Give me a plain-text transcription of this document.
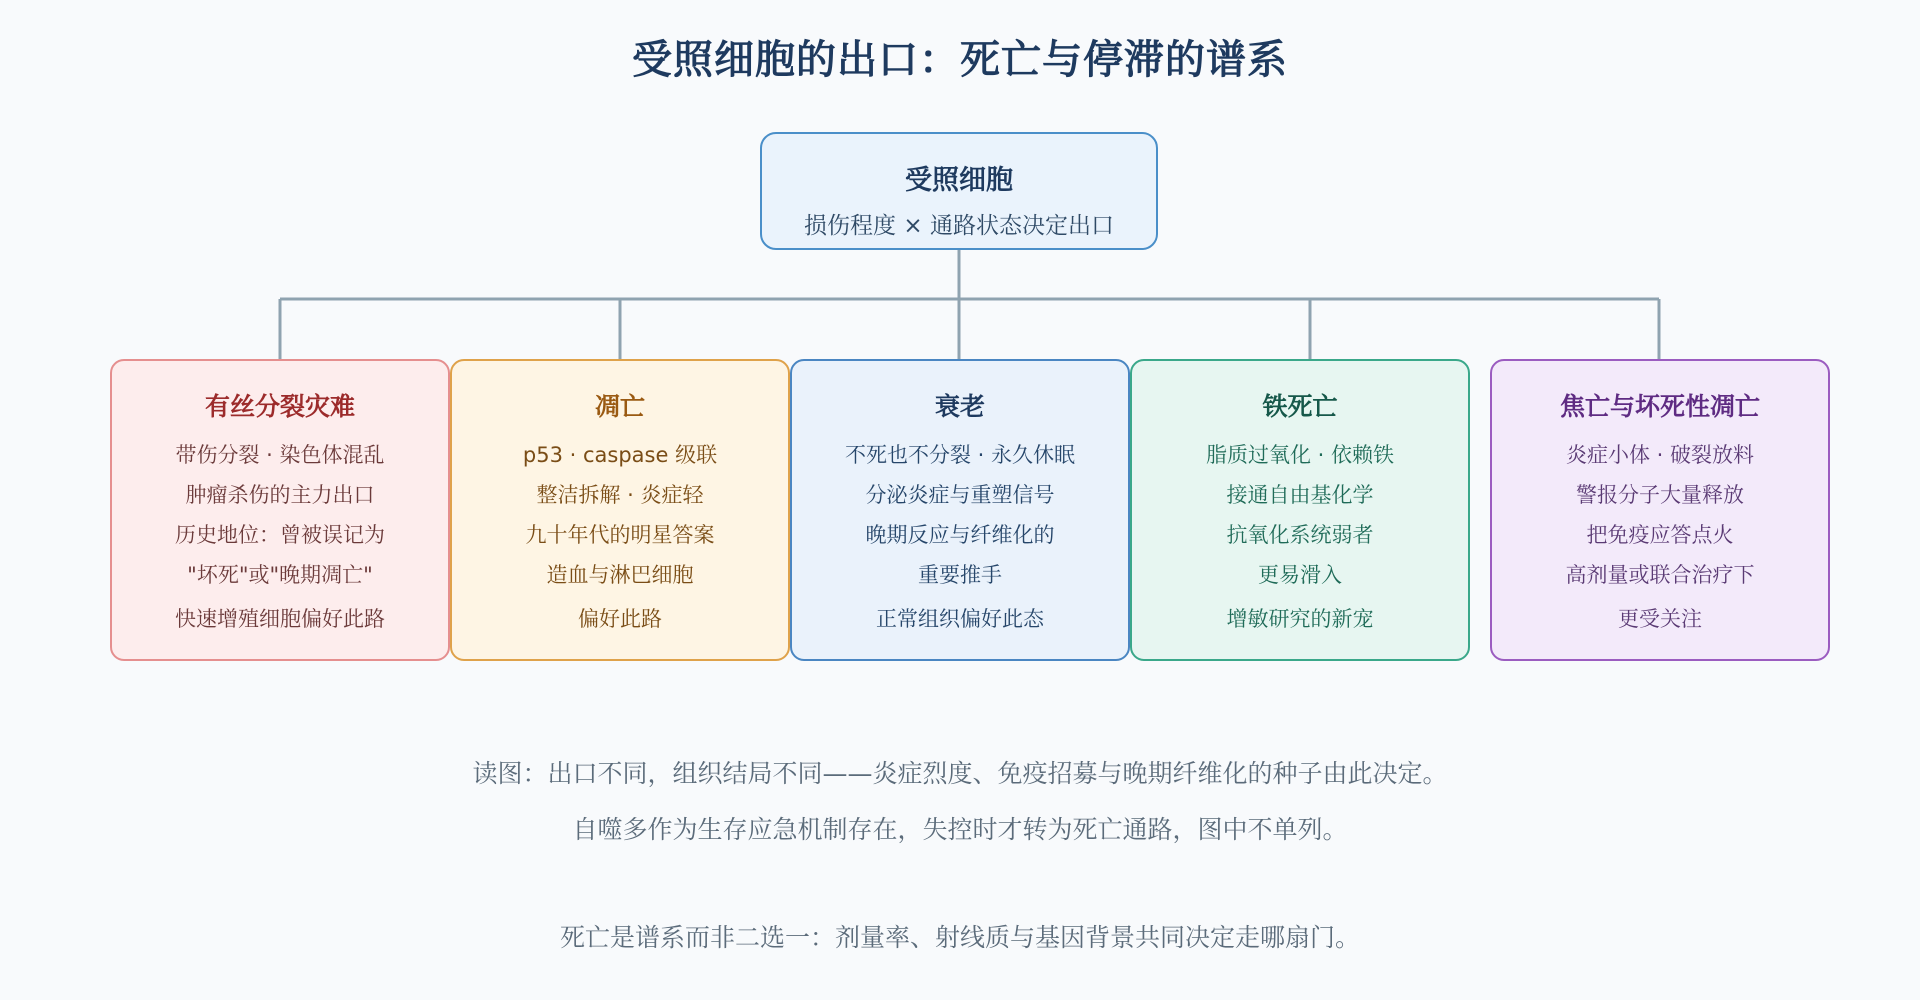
受照细胞的出口：死亡与停滞的谱系
受照细胞
损伤程度 × 通路状态决定出口
有丝分裂灾难
带伤分裂 · 染色体混乱
肿瘤杀伤的主力出口
历史地位：曾被误记为
"坏死"或"晚期凋亡"
快速增殖细胞偏好此路
凋亡
p53 · caspase 级联
整洁拆解 · 炎症轻
九十年代的明星答案
造血与淋巴细胞
偏好此路
衰老
不死也不分裂 · 永久休眠
分泌炎症与重塑信号
晚期反应与纤维化的
重要推手
正常组织偏好此态
铁死亡
脂质过氧化 · 依赖铁
接通自由基化学
抗氧化系统弱者
更易滑入
增敏研究的新宠
焦亡与坏死性凋亡
炎症小体 · 破裂放料
警报分子大量释放
把免疫应答点火
高剂量或联合治疗下
更受关注
读图：出口不同，组织结局不同——炎症烈度、免疫招募与晚期纤维化的种子由此决定。
自噬多作为生存应急机制存在，失控时才转为死亡通路，图中不单列。
死亡是谱系而非二选一：剂量率、射线质与基因背景共同决定走哪扇门。
